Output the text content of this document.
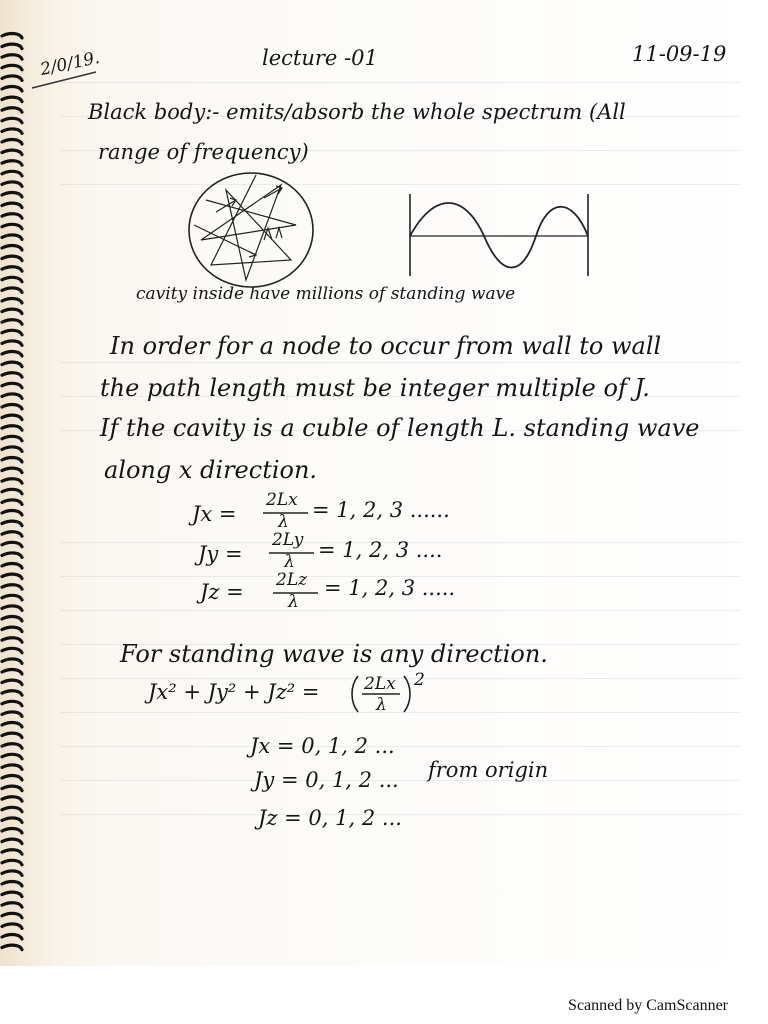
2/0/19.	lecture -01	11-09-19
Black body:- emits/absorb the whole spectrum (All
range of frequency)
cavity inside have millions of standing wave
In order for a node to occur from wall to wall
the path length must be integer multiple of J.
If the cavity is a cuble of length L. standing wave
along x direction.
Jx =
2Lx
λ = 1, 2, 3 ......
Jy =
2Ly
λ = 1, 2, 3 ....
Jz = 2Lz
λ
= 1, 2, 3 .....
For standing wave is any direction.
Jx² + Jy² + Jz² =	2Lx
λ
2
Jx = 0, 1, 2 ...
Jy = 0, 1, 2 ... from origin
Jz = 0, 1, 2 ...
Scanned by CamScanner
